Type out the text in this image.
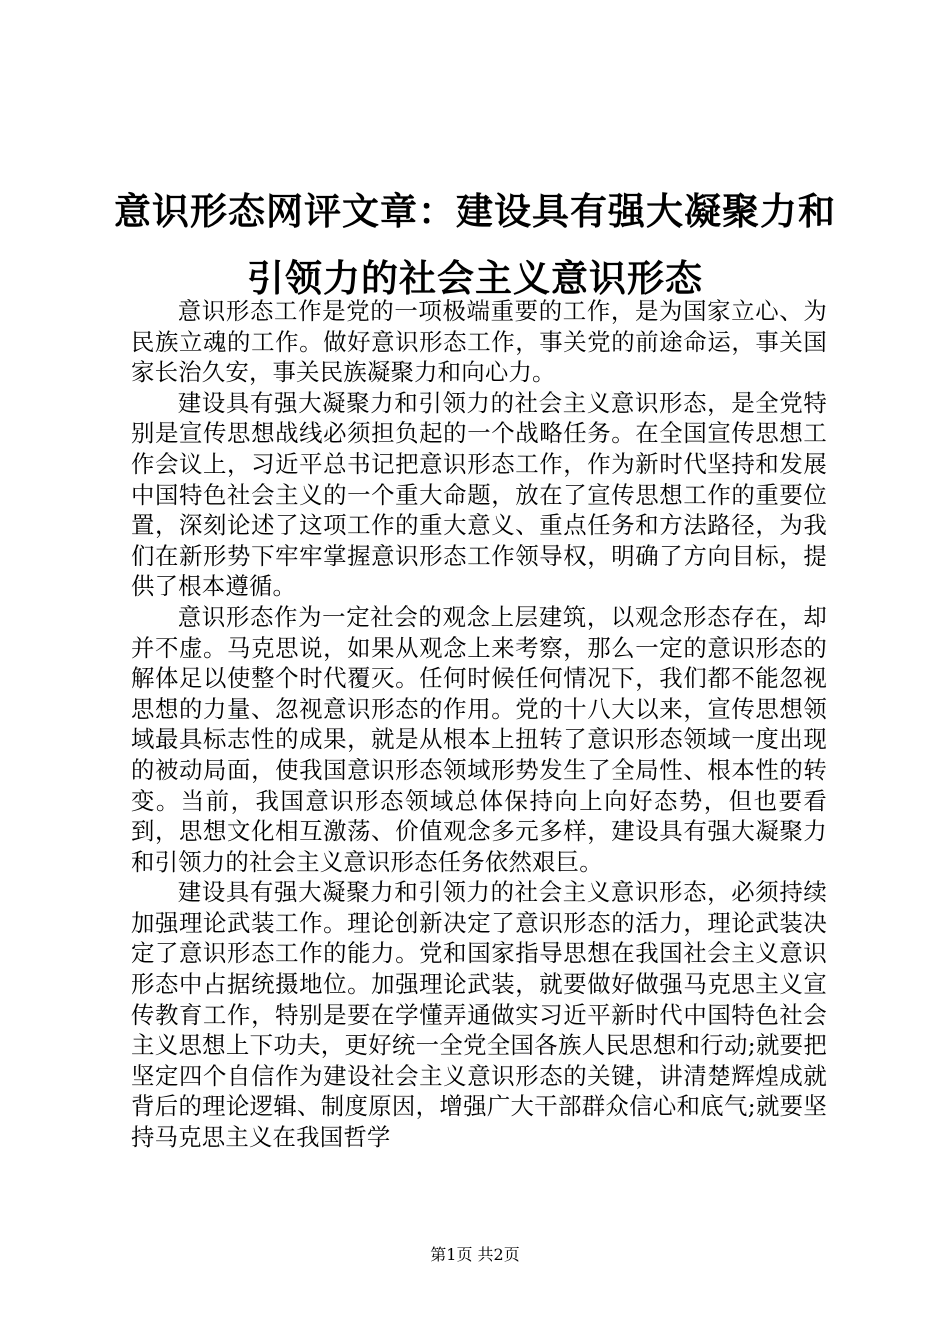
意识形态网评文章：建设具有强大凝聚力和引领力的社会主义意识形态

意识形态工作是党的一项极端重要的工作，是为国家立心、为民族立魂的工作。做好意识形态工作，事关党的前途命运，事关国家长治久安，事关民族凝聚力和向心力。

建设具有强大凝聚力和引领力的社会主义意识形态，是全党特别是宣传思想战线必须担负起的一个战略任务。在全国宣传思想工作会议上，习近平总书记把意识形态工作，作为新时代坚持和发展中国特色社会主义的一个重大命题，放在了宣传思想工作的重要位置，深刻论述了这项工作的重大意义、重点任务和方法路径，为我们在新形势下牢牢掌握意识形态工作领导权，明确了方向目标，提供了根本遵循。

意识形态作为一定社会的观念上层建筑，以观念形态存在，却并不虚。马克思说，如果从观念上来考察，那么一定的意识形态的解体足以使整个时代覆灭。任何时候任何情况下，我们都不能忽视思想的力量、忽视意识形态的作用。党的十八大以来，宣传思想领域最具标志性的成果，就是从根本上扭转了意识形态领域一度出现的被动局面，使我国意识形态领域形势发生了全局性、根本性的转变。当前，我国意识形态领域总体保持向上向好态势，但也要看到，思想文化相互激荡、价值观念多元多样，建设具有强大凝聚力和引领力的社会主义意识形态任务依然艰巨。

建设具有强大凝聚力和引领力的社会主义意识形态，必须持续加强理论武装工作。理论创新决定了意识形态的活力，理论武装决定了意识形态工作的能力。党和国家指导思想在我国社会主义意识形态中占据统摄地位。加强理论武装，就要做好做强马克思主义宣传教育工作，特别是要在学懂弄通做实习近平新时代中国特色社会主义思想上下功夫，更好统一全党全国各族人民思想和行动;就要把坚定四个自信作为建设社会主义意识形态的关键，讲清楚辉煌成就背后的理论逻辑、制度原因，增强广大干部群众信心和底气;就要坚持马克思主义在我国哲学

第1页 共2页
